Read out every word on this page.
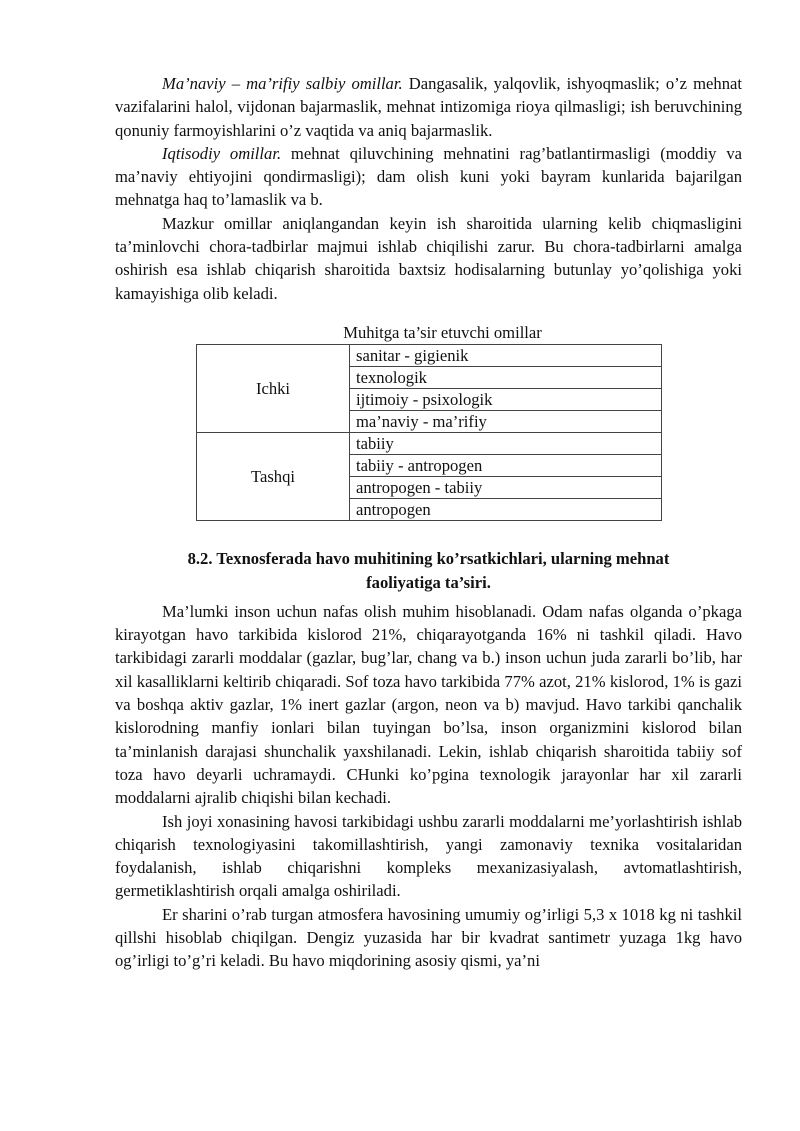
Ma’naviy – ma’rifiy salbiy omillar. Dangasalik, yalqovlik, ishyoqmaslik; o’z mehnat vazifalarini halol, vijdonan bajarmaslik, mehnat intizomiga rioya qilmasligi; ish beruvchining qonuniy farmoyishlarini o’z vaqtida va aniq bajarmaslik.

Iqtisodiy omillar. mehnat qiluvchining mehnatini rag’batlantirmasligi (moddiy va ma’naviy ehtiyojini qondirmasligi); dam olish kuni yoki bayram kunlarida bajarilgan mehnatga haq to’lamaslik va b.

Mazkur omillar aniqlangandan keyin ish sharoitida ularning kelib chiqmasligini ta’minlovchi chora-tadbirlar majmui ishlab chiqilishi zarur. Bu chora-tadbirlarni amalga oshirish esa ishlab chiqarish sharoitida baxtsiz hodisalarning butunlay yo’qolishiga yoki kamayishiga olib keladi.

Muhitga ta’sir etuvchi omillar

Ichki	sanitar - gigienik
	texnologik
	ijtimoiy - psixologik
	ma’naviy - ma’rifiy
Tashqi	tabiiy
	tabiiy - antropogen
	antropogen - tabiiy
	antropogen
8.2. Texnosferada havo muhitining ko’rsatkichlari, ularning mehnat
faoliyatiga ta’siri.

Ma’lumki inson uchun nafas olish muhim hisoblanadi. Odam nafas olganda o’pkaga kirayotgan havo tarkibida kislorod 21%, chiqarayotganda 16% ni tashkil qiladi. Havo tarkibidagi zararli moddalar (gazlar, bug’lar, chang va b.) inson uchun juda zararli bo’lib, har xil kasalliklarni keltirib chiqaradi. Sof toza havo tarkibida 77% azot, 21% kislorod, 1% is gazi va boshqa aktiv gazlar, 1% inert gazlar (argon, neon va b) mavjud. Havo tarkibi qanchalik kislorodning manfiy ionlari bilan tuyingan bo’lsa, inson organizmini kislorod bilan ta’minlanish darajasi shunchalik yaxshilanadi. Lekin, ishlab chiqarish sharoitida tabiiy sof toza havo deyarli uchramaydi. CHunki ko’pgina texnologik jarayonlar har xil zararli moddalarni ajralib chiqishi bilan kechadi.

Ish joyi xonasining havosi tarkibidagi ushbu zararli moddalarni me’yorlashtirish ishlab chiqarish texnologiyasini takomillashtirish, yangi zamonaviy texnika vositalaridan foydalanish, ishlab chiqarishni kompleks mexanizasiyalash, avtomatlashtirish, germetiklashtirish orqali amalga oshiriladi.

Er sharini o’rab turgan atmosfera havosining umumiy og’irligi 5,3 x 1018 kg ni tashkil qillshi hisoblab chiqilgan. Dengiz yuzasida har bir kvadrat santimetr yuzaga 1kg havo og’irligi to’g’ri keladi. Bu havo miqdorining asosiy qismi, ya’ni
